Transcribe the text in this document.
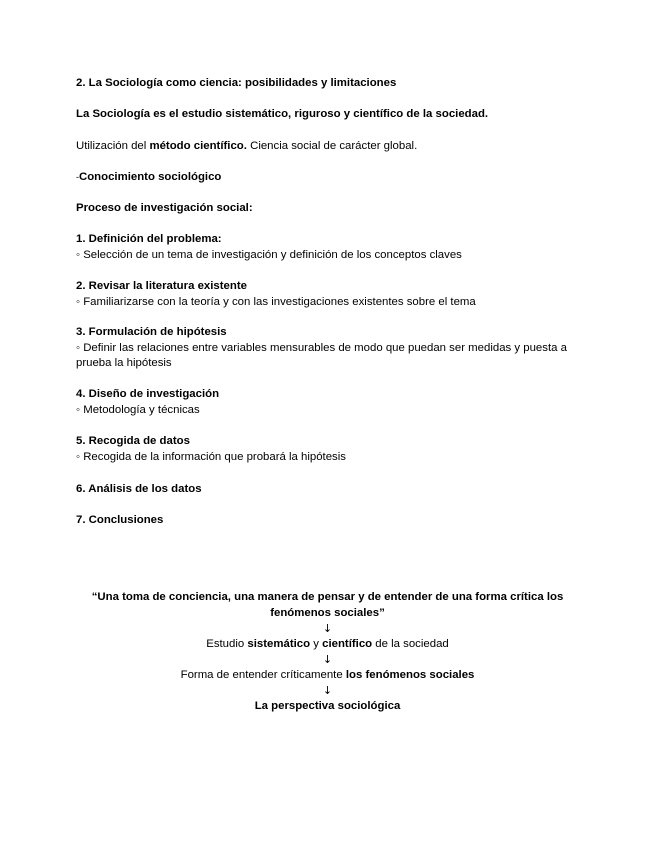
2. La Sociología como ciencia: posibilidades y limitaciones
La Sociología es el estudio sistemático, riguroso y científico de la sociedad.
Utilización del método científico. Ciencia social de carácter global.
-Conocimiento sociológico
Proceso de investigación social:
1. Definición del problema:
◦ Selección de un tema de investigación y definición de los conceptos claves
2. Revisar la literatura existente
◦ Familiarizarse con la teoría y con las investigaciones existentes sobre el tema
3. Formulación de hipótesis
◦ Definir las relaciones entre variables mensurables de modo que puedan ser medidas y puesta a prueba la hipótesis
4. Diseño de investigación
◦ Metodología y técnicas
5. Recogida de datos
◦ Recogida de la información que probará la hipótesis
6. Análisis de los datos
7. Conclusiones
“Una toma de conciencia, una manera de pensar y de entender de una forma crítica los fenómenos sociales”
↓
Estudio sistemático y científico de la sociedad
↓
Forma de entender críticamente los fenómenos sociales
↓
La perspectiva sociológica
